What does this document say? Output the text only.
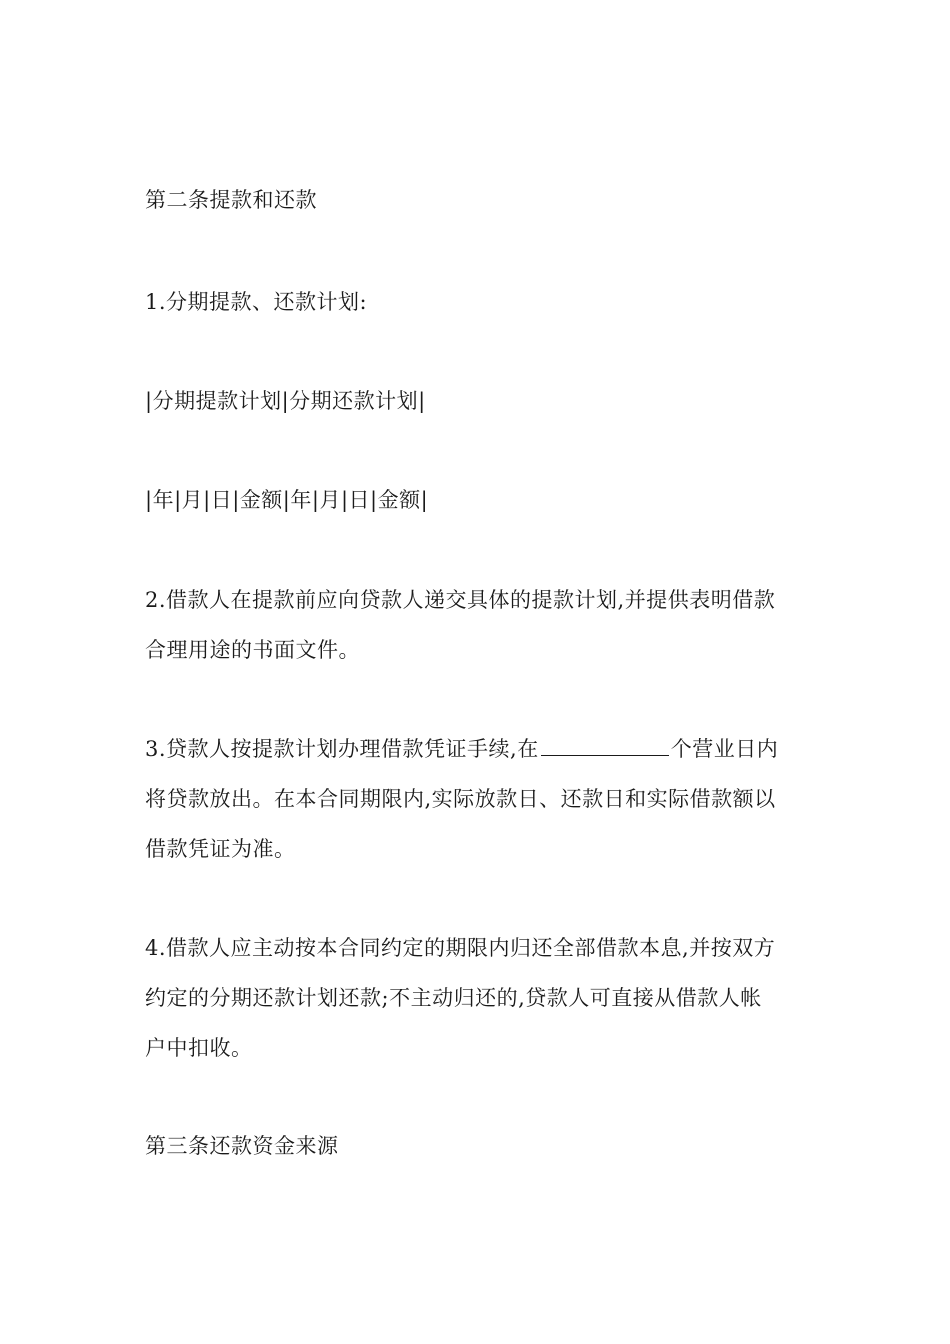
第二条提款和还款
1.分期提款、还款计划:
|分期提款计划|分期还款计划|
|年|月|日|金额|年|月|日|金额|
2.借款人在提款前应向贷款人递交具体的提款计划,并提供表明借款
合理用途的书面文件。
3.贷款人按提款计划办理借款凭证手续,在	个营业日内
将贷款放出。在本合同期限内,实际放款日、还款日和实际借款额以
借款凭证为准。
4.借款人应主动按本合同约定的期限内归还全部借款本息,并按双方
约定的分期还款计划还款;不主动归还的,贷款人可直接从借款人帐
户中扣收。
第三条还款资金来源
